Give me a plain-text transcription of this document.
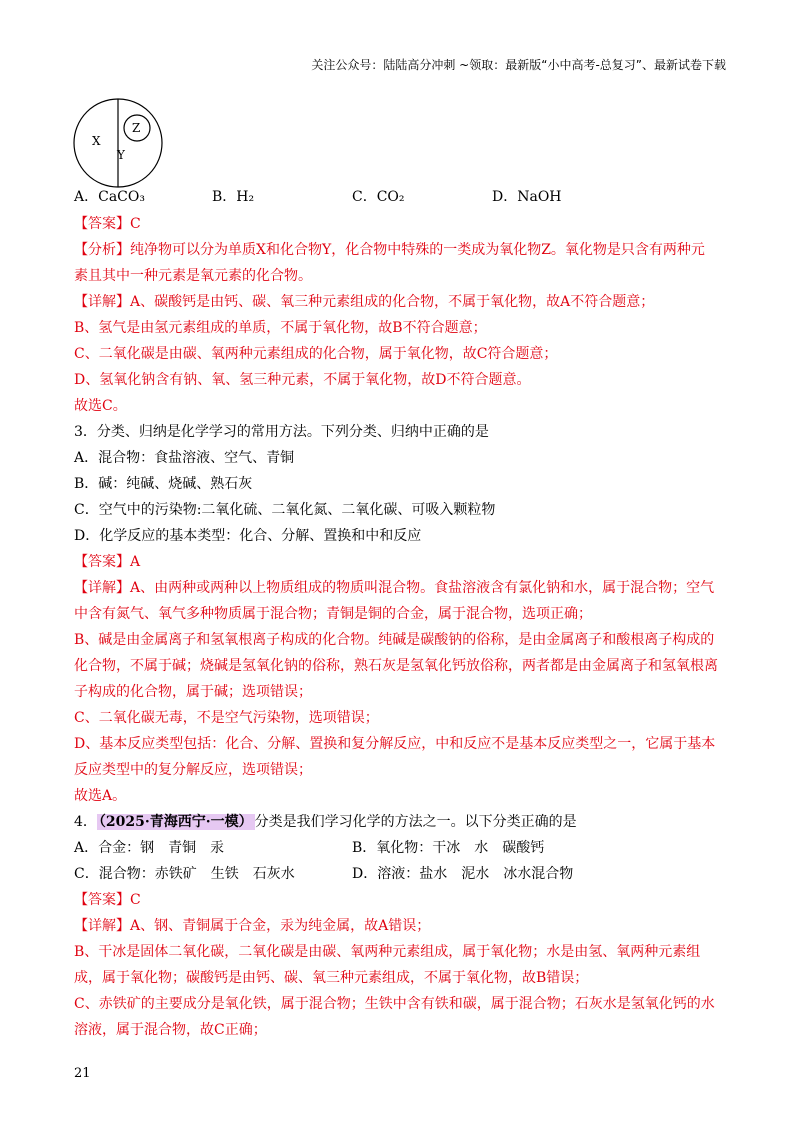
关注公众号：陆陆高分冲刺 ~领取：最新版“小中高考-总复习”、最新试卷下载
X
Y
Z
A．CaCO₃	B．H₂	C．CO₂	D．NaOH
【答案】C
【分析】纯净物可以分为单质X和化合物Y，化合物中特殊的一类成为氧化物Z。氧化物是只含有两种元
素且其中一种元素是氧元素的化合物。
【详解】A、碳酸钙是由钙、碳、氧三种元素组成的化合物，不属于氧化物，故A不符合题意；
B、氢气是由氢元素组成的单质，不属于氧化物，故B不符合题意；
C、二氧化碳是由碳、氧两种元素组成的化合物，属于氧化物，故C符合题意；
D、氢氧化钠含有钠、氧、氢三种元素，不属于氧化物，故D不符合题意。
故选C。
3．分类、归纳是化学学习的常用方法。下列分类、归纳中正确的是
A．混合物：食盐溶液、空气、青铜
B．碱：纯碱、烧碱、熟石灰
C．空气中的污染物:二氧化硫、二氧化氮、二氧化碳、可吸入颗粒物
D．化学反应的基本类型：化合、分解、置换和中和反应
【答案】A
【详解】A、由两种或两种以上物质组成的物质叫混合物。食盐溶液含有氯化钠和水，属于混合物；空气
中含有氮气、氧气多种物质属于混合物；青铜是铜的合金，属于混合物，选项正确；
B、碱是由金属离子和氢氧根离子构成的化合物。纯碱是碳酸钠的俗称，是由金属离子和酸根离子构成的
化合物，不属于碱；烧碱是氢氧化钠的俗称，熟石灰是氢氧化钙放俗称，两者都是由金属离子和氢氧根离
子构成的化合物，属于碱；选项错误；
C、二氧化碳无毒，不是空气污染物，选项错误；
D、基本反应类型包括：化合、分解、置换和复分解反应，中和反应不是基本反应类型之一，它属于基本
反应类型中的复分解反应，选项错误；
故选A。
4． （2025·青海西宁·一模） 分类是我们学习化学的方法之一。以下分类正确的是
A．合金：钢　青铜　汞	B．氧化物：干冰　水　碳酸钙
C．混合物：赤铁矿　生铁　石灰水	D．溶液：盐水　泥水　冰水混合物
【答案】C
【详解】A、钢、青铜属于合金，汞为纯金属，故A错误；
B、干冰是固体二氧化碳，二氧化碳是由碳、氧两种元素组成，属于氧化物；水是由氢、氧两种元素组
成，属于氧化物；碳酸钙是由钙、碳、氧三种元素组成，不属于氧化物，故B错误；
C、赤铁矿的主要成分是氧化铁，属于混合物；生铁中含有铁和碳，属于混合物；石灰水是氢氧化钙的水
溶液，属于混合物，故C正确；
21
